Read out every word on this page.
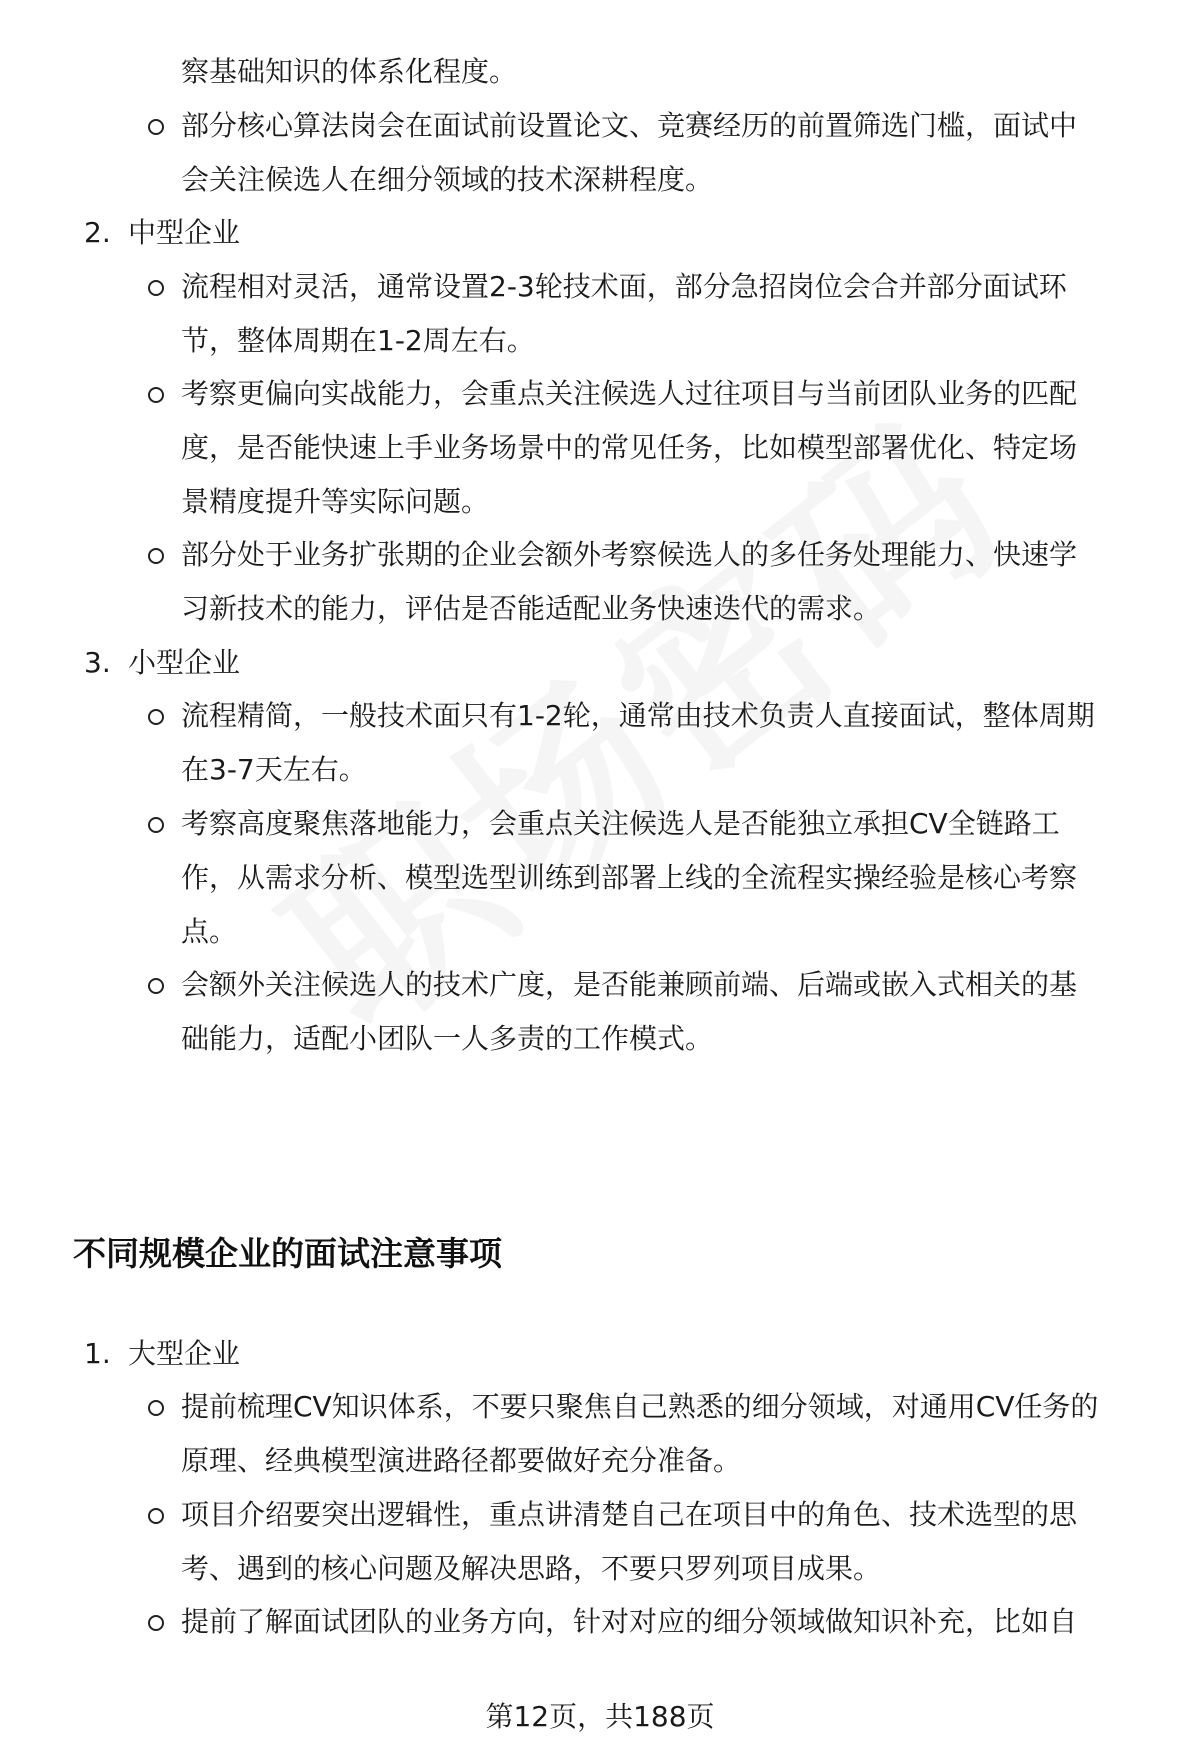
察基础知识的体系化程度。
部分核心算法岗会在面试前设置论文、竞赛经历的前置筛选门槛，面试中
会关注候选人在细分领域的技术深耕程度。
2. 中型企业
流程相对灵活，通常设置2-3轮技术面，部分急招岗位会合并部分面试环
节，整体周期在1-2周左右。
考察更偏向实战能力，会重点关注候选人过往项目与当前团队业务的匹配
度，是否能快速上手业务场景中的常见任务，比如模型部署优化、特定场
景精度提升等实际问题。
部分处于业务扩张期的企业会额外考察候选人的多任务处理能力、快速学
习新技术的能力，评估是否能适配业务快速迭代的需求。
3. 小型企业
流程精简，一般技术面只有1-2轮，通常由技术负责人直接面试，整体周期
在3-7天左右。
考察高度聚焦落地能力，会重点关注候选人是否能独立承担CV全链路工
作，从需求分析、模型选型训练到部署上线的全流程实操经验是核心考察
点。
会额外关注候选人的技术广度，是否能兼顾前端、后端或嵌入式相关的基
础能力，适配小团队一人多责的工作模式。
不同规模企业的面试注意事项
1. 大型企业
提前梳理CV知识体系，不要只聚焦自己熟悉的细分领域，对通用CV任务的
原理、经典模型演进路径都要做好充分准备。
项目介绍要突出逻辑性，重点讲清楚自己在项目中的角色、技术选型的思
考、遇到的核心问题及解决思路，不要只罗列项目成果。
提前了解面试团队的业务方向，针对对应的细分领域做知识补充，比如自
第12页，共188页
